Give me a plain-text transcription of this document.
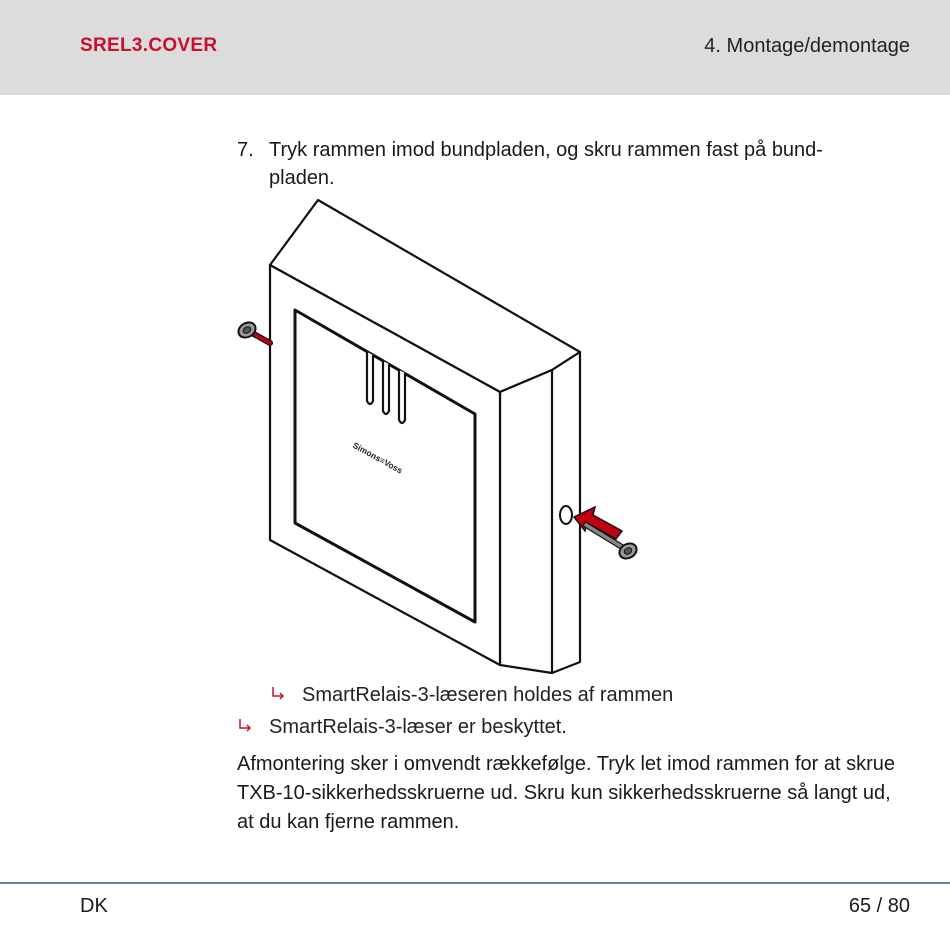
SREL3.COVER	4. Montage/demontage
7. Tryk rammen imod bundpladen, og skru rammen fast på bund-pladen.
Simons≡Voss
SmartRelais-3-læseren holdes af rammen
SmartRelais-3-læser er beskyttet.
Afmontering sker i omvendt rækkefølge. Tryk let imod rammen for at skrue TXB-10-sikkerhedsskruerne ud. Skru kun sikkerhedsskruerne så langt ud, at du kan fjerne rammen.
DK	65 / 80
